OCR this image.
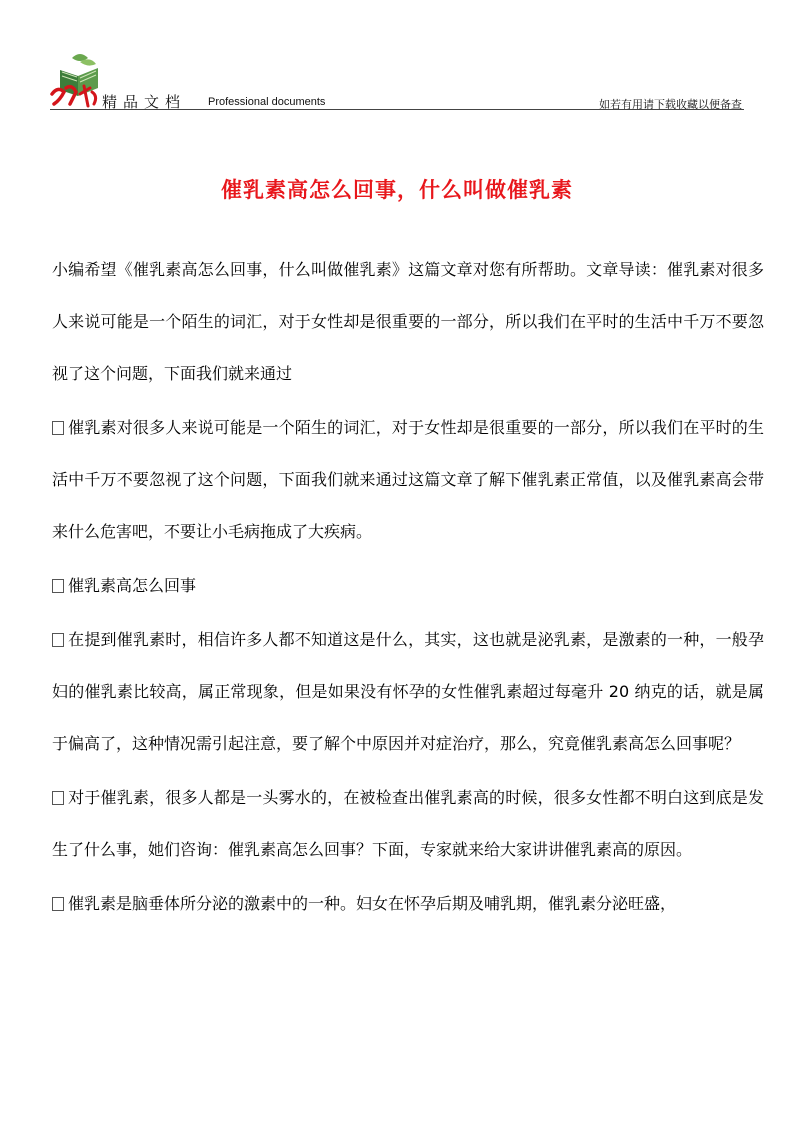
精品文档 Professional documents	如若有用请下载收藏以便备查
催乳素高怎么回事，什么叫做催乳素

小编希望《催乳素高怎么回事，什么叫做催乳素》这篇文章对您有所帮助。文章导读：催乳素对很多人来说可能是一个陌生的词汇，对于女性却是很重要的一部分，所以我们在平时的生活中千万不要忽视了这个问题，下面我们就来通过

催乳素对很多人来说可能是一个陌生的词汇，对于女性却是很重要的一部分，所以我们在平时的生活中千万不要忽视了这个问题，下面我们就来通过这篇文章了解下催乳素正常值，以及催乳素高会带来什么危害吧，不要让小毛病拖成了大疾病。

催乳素高怎么回事

在提到催乳素时，相信许多人都不知道这是什么，其实，这也就是泌乳素，是激素的一种，一般孕妇的催乳素比较高，属正常现象，但是如果没有怀孕的女性催乳素超过每毫升 20 纳克的话，就是属于偏高了，这种情况需引起注意，要了解个中原因并对症治疗，那么，究竟催乳素高怎么回事呢？

对于催乳素，很多人都是一头雾水的，在被检查出催乳素高的时候，很多女性都不明白这到底是发生了什么事，她们咨询：催乳素高怎么回事？下面，专家就来给大家讲讲催乳素高的原因。

催乳素是脑垂体所分泌的激素中的一种。妇女在怀孕后期及哺乳期，催乳素分泌旺盛，
